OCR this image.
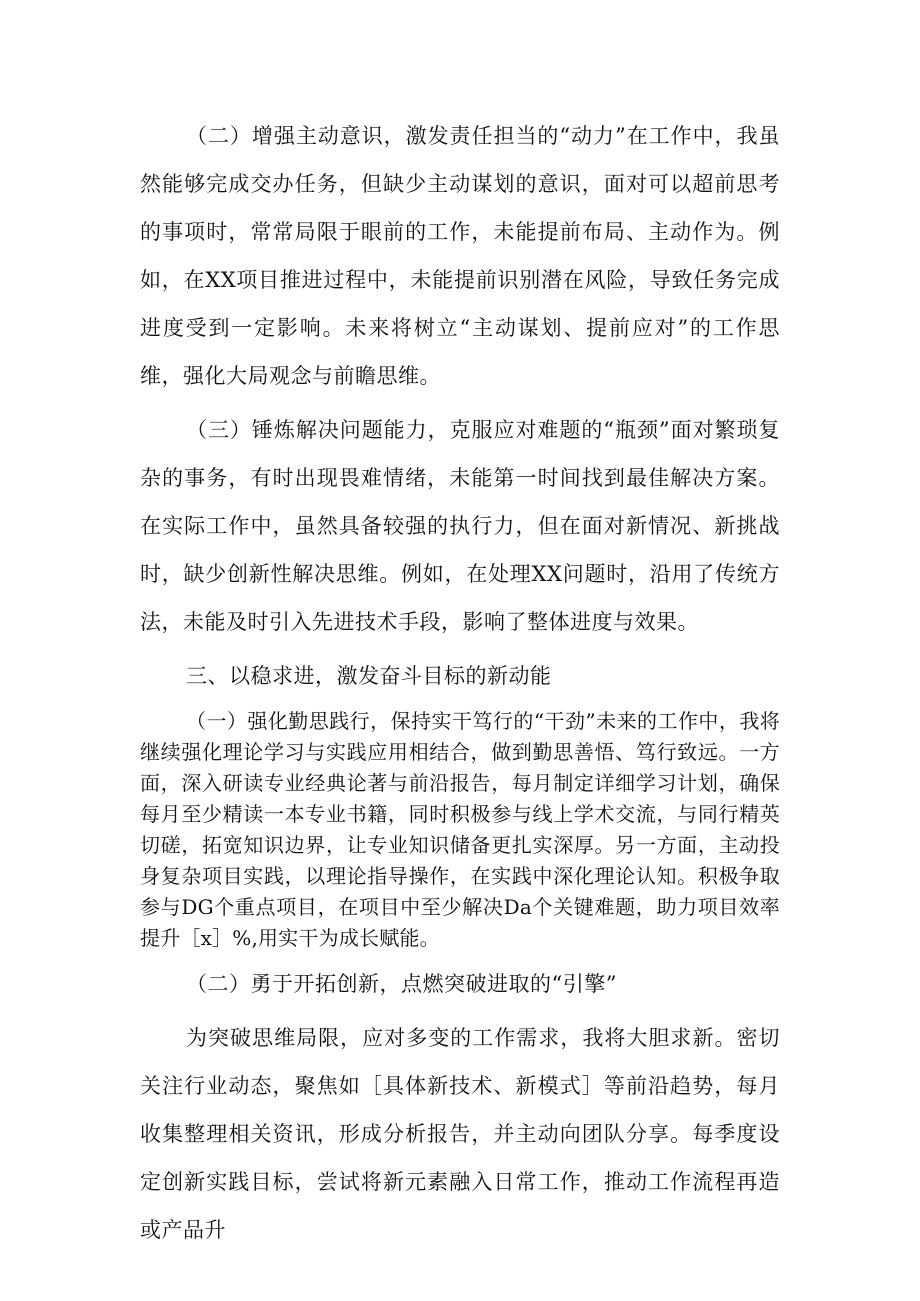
（二）增强主动意识，激发责任担当的“动力”在工作中，我虽然能够完成交办任务，但缺少主动谋划的意识，面对可以超前思考的事项时，常常局限于眼前的工作，未能提前布局、主动作为。例如，在XX项目推进过程中，未能提前识别潜在风险，导致任务完成进度受到一定影响。未来将树立“主动谋划、提前应对”的工作思维，强化大局观念与前瞻思维。

（三）锤炼解决问题能力，克服应对难题的“瓶颈”面对繁琐复杂的事务，有时出现畏难情绪，未能第一时间找到最佳解决方案。在实际工作中，虽然具备较强的执行力，但在面对新情况、新挑战时，缺少创新性解决思维。例如，在处理XX问题时，沿用了传统方法，未能及时引入先进技术手段，影响了整体进度与效果。

三、以稳求进，激发奋斗目标的新动能

（一）强化勤思践行，保持实干笃行的“干劲”未来的工作中，我将继续强化理论学习与实践应用相结合，做到勤思善悟、笃行致远。一方面，深入研读专业经典论著与前沿报告，每月制定详细学习计划，确保每月至少精读一本专业书籍，同时积极参与线上学术交流，与同行精英切磋，拓宽知识边界，让专业知识储备更扎实深厚。另一方面，主动投身复杂项目实践，以理论指导操作，在实践中深化理论认知。积极争取参与DG个重点项目，在项目中至少解决Da个关键难题，助力项目效率提升［x］%,用实干为成长赋能。

（二）勇于开拓创新，点燃突破进取的“引擎”

为突破思维局限，应对多变的工作需求，我将大胆求新。密切关注行业动态，聚焦如［具体新技术、新模式］等前沿趋势，每月收集整理相关资讯，形成分析报告，并主动向团队分享。每季度设定创新实践目标，尝试将新元素融入日常工作，推动工作流程再造或产品升
